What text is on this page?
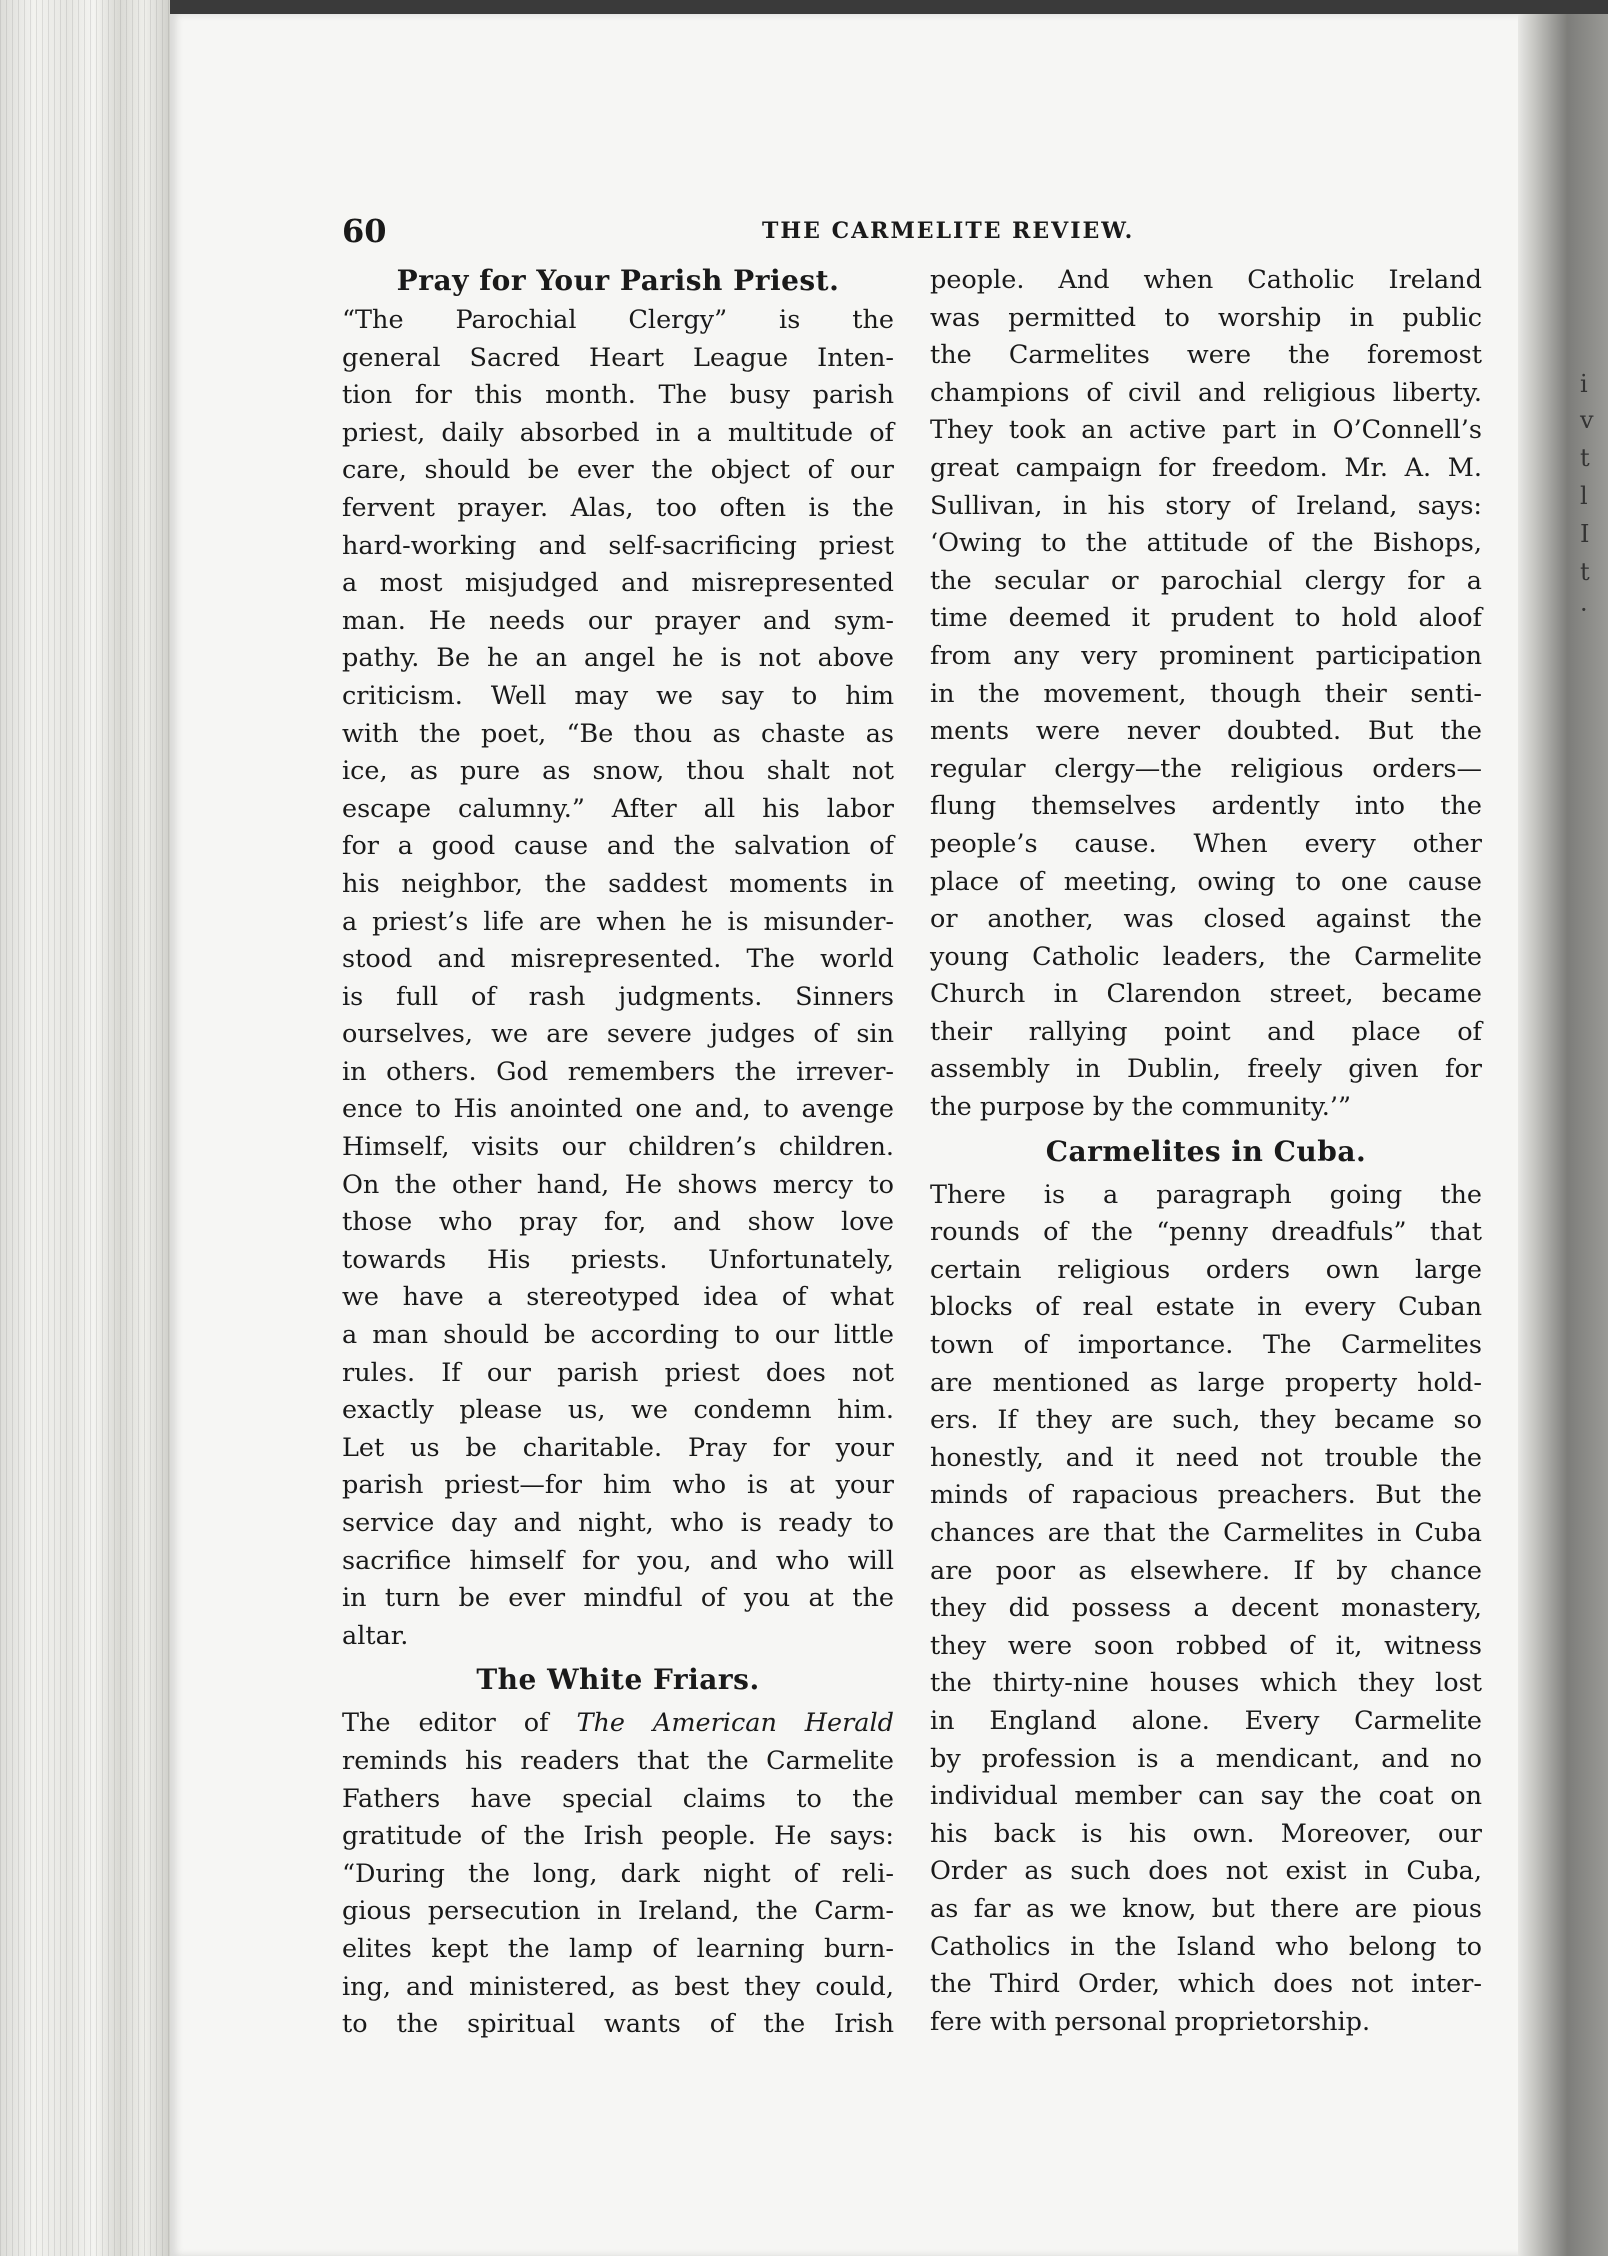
i
v
t
l
I
t
·
60	THE CARMELITE REVIEW.
Pray for Your Parish Priest.

“The Parochial Clergy” is the

general Sacred Heart League Inten-

tion for this month. The busy parish

priest, daily absorbed in a multitude of

care, should be ever the object of our

fervent prayer. Alas, too often is the

hard-working and self-sacrificing priest

a most misjudged and misrepresented

man. He needs our prayer and sym-

pathy. Be he an angel he is not above

criticism. Well may we say to him

with the poet, “Be thou as chaste as

ice, as pure as snow, thou shalt not

escape calumny.” After all his labor

for a good cause and the salvation of

his neighbor, the saddest moments in

a priest’s life are when he is misunder-

stood and misrepresented. The world

is full of rash judgments. Sinners

ourselves, we are severe judges of sin

in others. God remembers the irrever-

ence to His anointed one and, to avenge

Himself, visits our children’s children.

On the other hand, He shows mercy to

those who pray for, and show love

towards His priests. Unfortunately,

we have a stereotyped idea of what

a man should be according to our little

rules. If our parish priest does not

exactly please us, we condemn him.

Let us be charitable. Pray for your

parish priest—for him who is at your

service day and night, who is ready to

sacrifice himself for you, and who will

in turn be ever mindful of you at the

altar.

The White Friars.

The editor of The American Herald

reminds his readers that the Carmelite

Fathers have special claims to the

gratitude of the Irish people. He says:

“During the long, dark night of reli-

gious persecution in Ireland, the Carm-

elites kept the lamp of learning burn-

ing, and ministered, as best they could,

to the spiritual wants of the Irish

people. And when Catholic Ireland

was permitted to worship in public

the Carmelites were the foremost

champions of civil and religious liberty.

They took an active part in O’Connell’s

great campaign for freedom. Mr. A. M.

Sullivan, in his story of Ireland, says:

‘Owing to the attitude of the Bishops,

the secular or parochial clergy for a

time deemed it prudent to hold aloof

from any very prominent participation

in the movement, though their senti-

ments were never doubted. But the

regular clergy—the religious orders—

flung themselves ardently into the

people’s cause. When every other

place of meeting, owing to one cause

or another, was closed against the

young Catholic leaders, the Carmelite

Church in Clarendon street, became

their rallying point and place of

assembly in Dublin, freely given for

the purpose by the community.’”

Carmelites in Cuba.

There is a paragraph going the

rounds of the “penny dreadfuls” that

certain religious orders own large

blocks of real estate in every Cuban

town of importance. The Carmelites

are mentioned as large property hold-

ers. If they are such, they became so

honestly, and it need not trouble the

minds of rapacious preachers. But the

chances are that the Carmelites in Cuba

are poor as elsewhere. If by chance

they did possess a decent monastery,

they were soon robbed of it, witness

the thirty-nine houses which they lost

in England alone. Every Carmelite

by profession is a mendicant, and no

individual member can say the coat on

his back is his own. Moreover, our

Order as such does not exist in Cuba,

as far as we know, but there are pious

Catholics in the Island who belong to

the Third Order, which does not inter-

fere with personal proprietorship.
